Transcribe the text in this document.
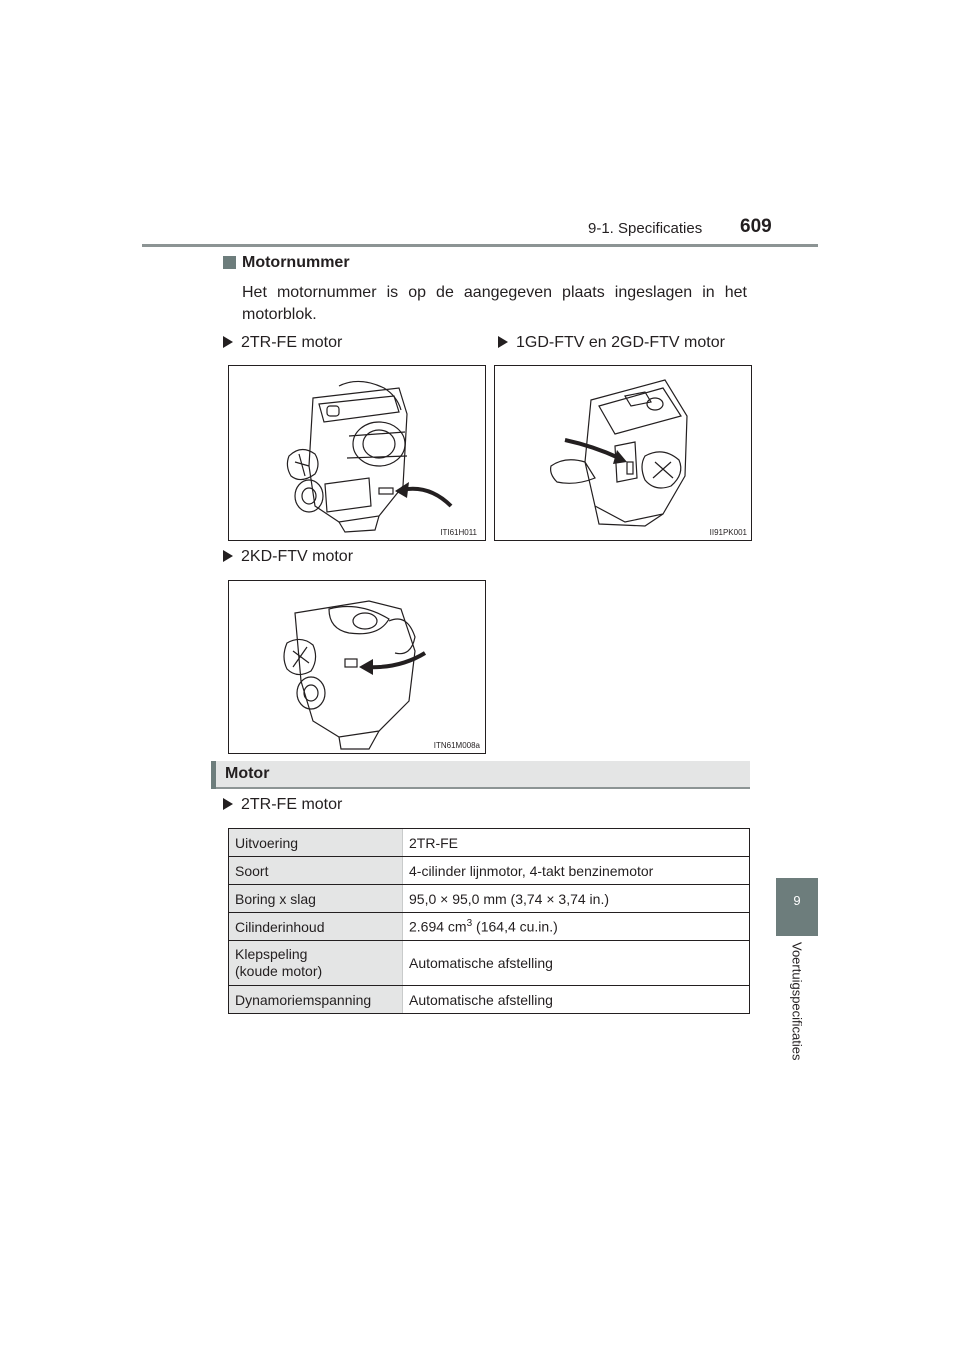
9-1. Specificaties 609
9
Voertuigspecificaties
Motornummer
Het motornummer is op de aangegeven plaats ingeslagen in het motorblok.
2TR-FE motor	1GD-FTV en 2GD-FTV motor
2KD-FTV motor
ITI61H011	II91PK001
ITN61M008a
Motor
2TR-FE motor
Uitvoering	2TR-FE
Soort	4-cilinder lijnmotor, 4-takt benzinemotor
Boring x slag	95,0 × 95,0 mm (3,74 × 3,74 in.)
Cilinderinhoud	2.694 $cm^3$ (164,4 cu.in.)
Klepspeling
(koude motor)	Automatische afstelling
Dynamoriemspanning	Automatische afstelling
